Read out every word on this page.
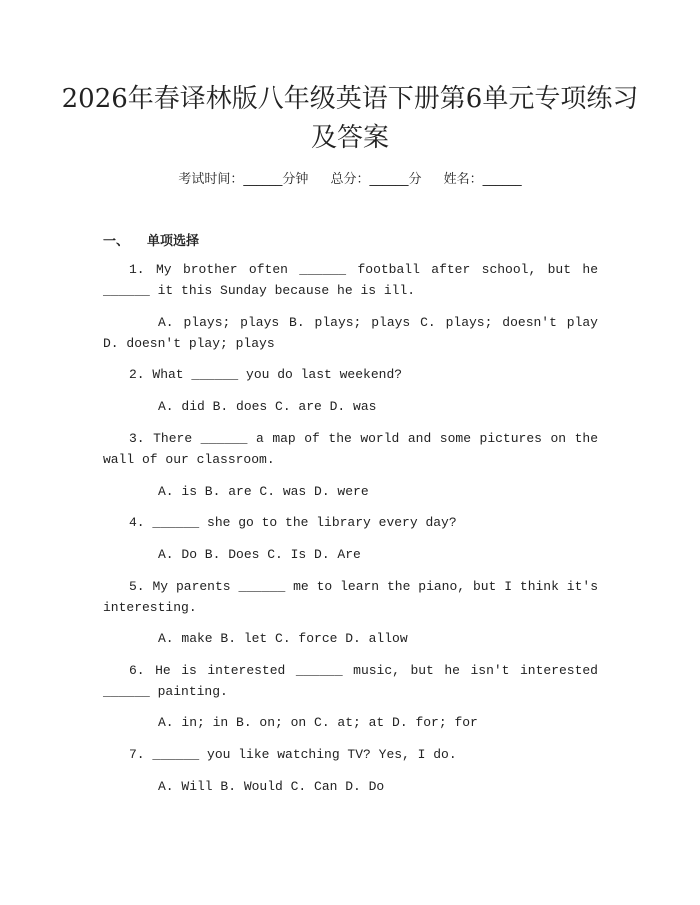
2026年春译林版八年级英语下册第6单元专项练习及答案
考试时间：______分钟 总分：______分 姓名：______
一、 单项选择

1. My brother often ______ football after school, but he ______ it this Sunday because he is ill.

A. plays; plays B. plays; plays C. plays; doesn't play D. doesn't play; plays

2. What ______ you do last weekend?

A. did B. does C. are D. was

3. There ______ a map of the world and some pictures on the wall of our classroom.

A. is B. are C. was D. were

4. ______ she go to the library every day?

A. Do B. Does C. Is D. Are

5. My parents ______ me to learn the piano, but I think it's interesting.

A. make B. let C. force D. allow

6. He is interested ______ music, but he isn't interested ______ painting.

A. in; in B. on; on C. at; at D. for; for

7. ______ you like watching TV? Yes, I do.

A. Will B. Would C. Can D. Do
